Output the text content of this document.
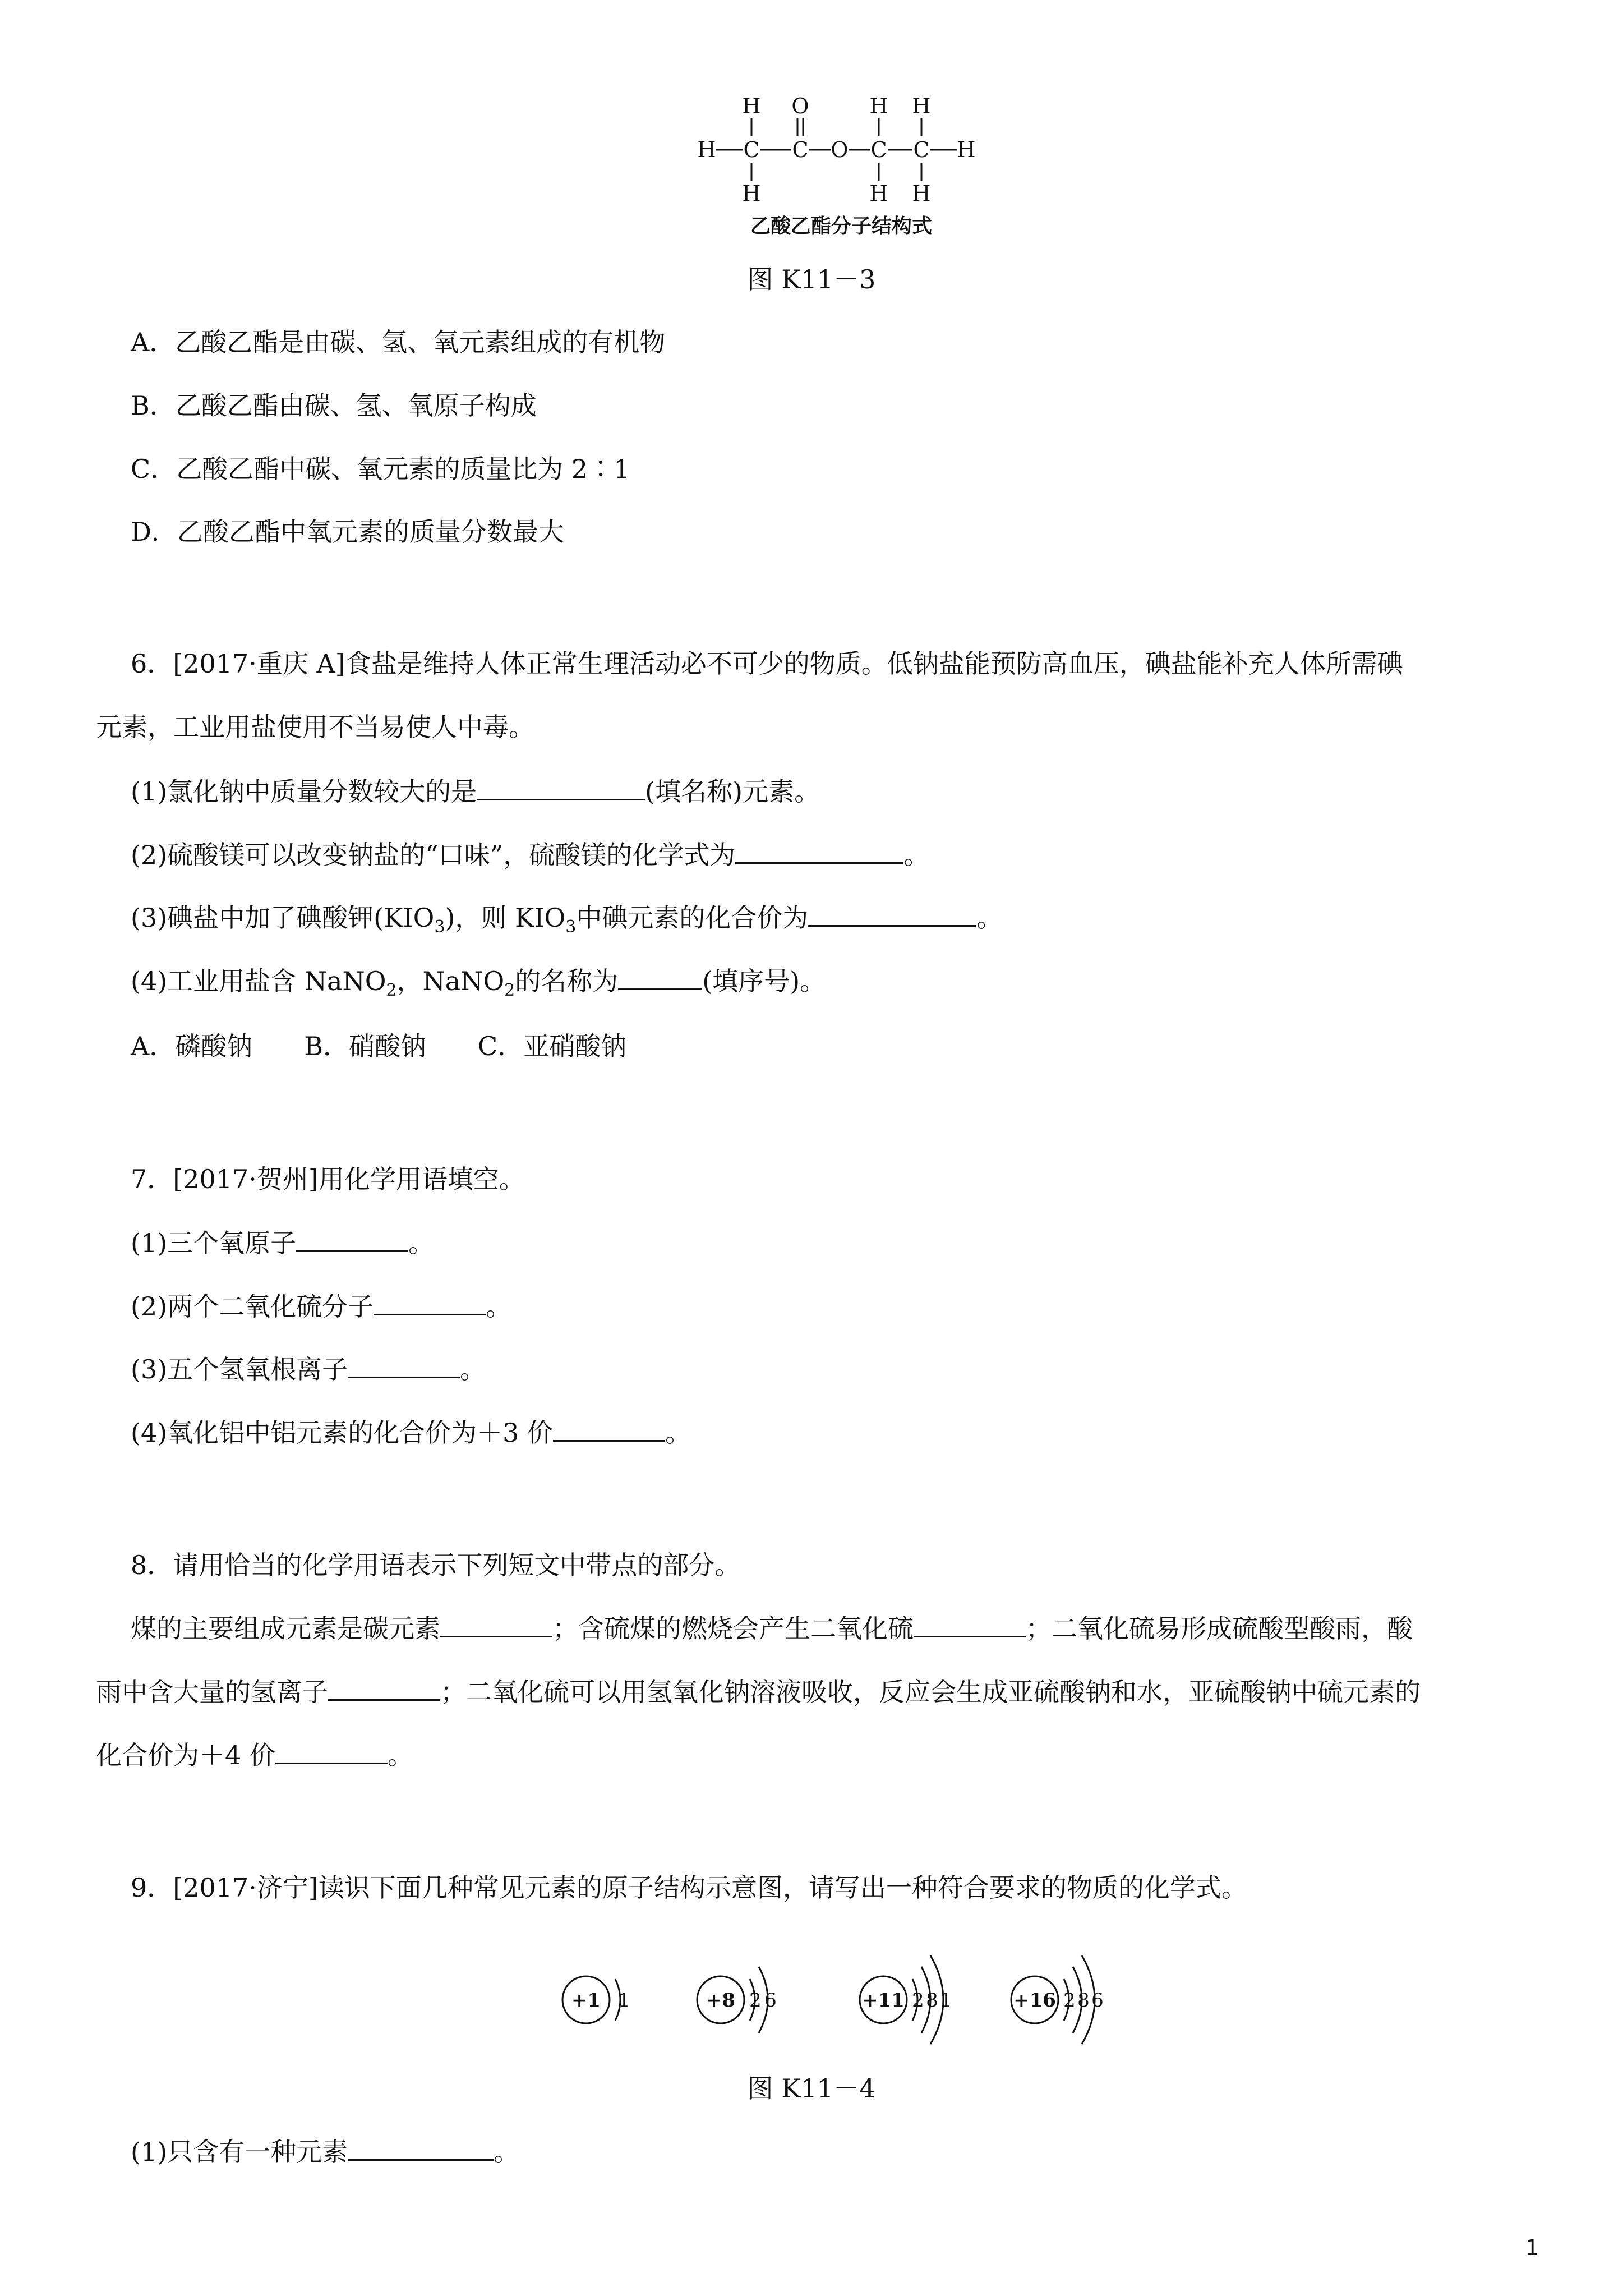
H O	H H
H C C O C C H
H	H H
乙酸乙酯分子结构式
图 K11－3
A．乙酸乙酯是由碳、氢、氧元素组成的有机物
B．乙酸乙酯由碳、氢、氧原子构成
C．乙酸乙酯中碳、氧元素的质量比为 2∶1
D．乙酸乙酯中氧元素的质量分数最大
6．[2017·重庆 A]食盐是维持人体正常生理活动必不可少的物质。低钠盐能预防高血压，碘盐能补充人体所需碘
元素，工业用盐使用不当易使人中毒。
(1)氯化钠中质量分数较大的是	(填名称)元素。
(2)硫酸镁可以改变钠盐的“口味”，硫酸镁的化学式为	。
(3)碘盐中加了碘酸钾$(KIO_3)$，则 $KIO_3$中碘元素的化合价为	。
(4)工业用盐含 NaNO$_2$，NaNO$_2$的名称为	(填序号)。
A．磷酸钠　　B．硝酸钠　　C．亚硝酸钠
7．[2017·贺州]用化学用语填空。
(1)三个氧原子	。
(2)两个二氧化硫分子	。
(3)五个氢氧根离子	。
(4)氧化铝中铝元素的化合价为＋3 价	。
8．请用恰当的化学用语表示下列短文中带点的部分。
煤的主要组成元素是碳元素	；含硫煤的燃烧会产生二氧化硫	；二氧化硫易形成硫酸型酸雨，酸
雨中含大量的氢离子	；二氧化硫可以用氢氧化钠溶液吸收，反应会生成亚硫酸钠和水，亚硫酸钠中硫元素的
化合价为＋4 价	。
9．[2017·济宁]读识下面几种常见元素的原子结构示意图，请写出一种符合要求的物质的化学式。
+1	+8	+11	+16
1	2 6	2 8 1	2 8 6
图 K11－4
(1)只含有一种元素	。
1
